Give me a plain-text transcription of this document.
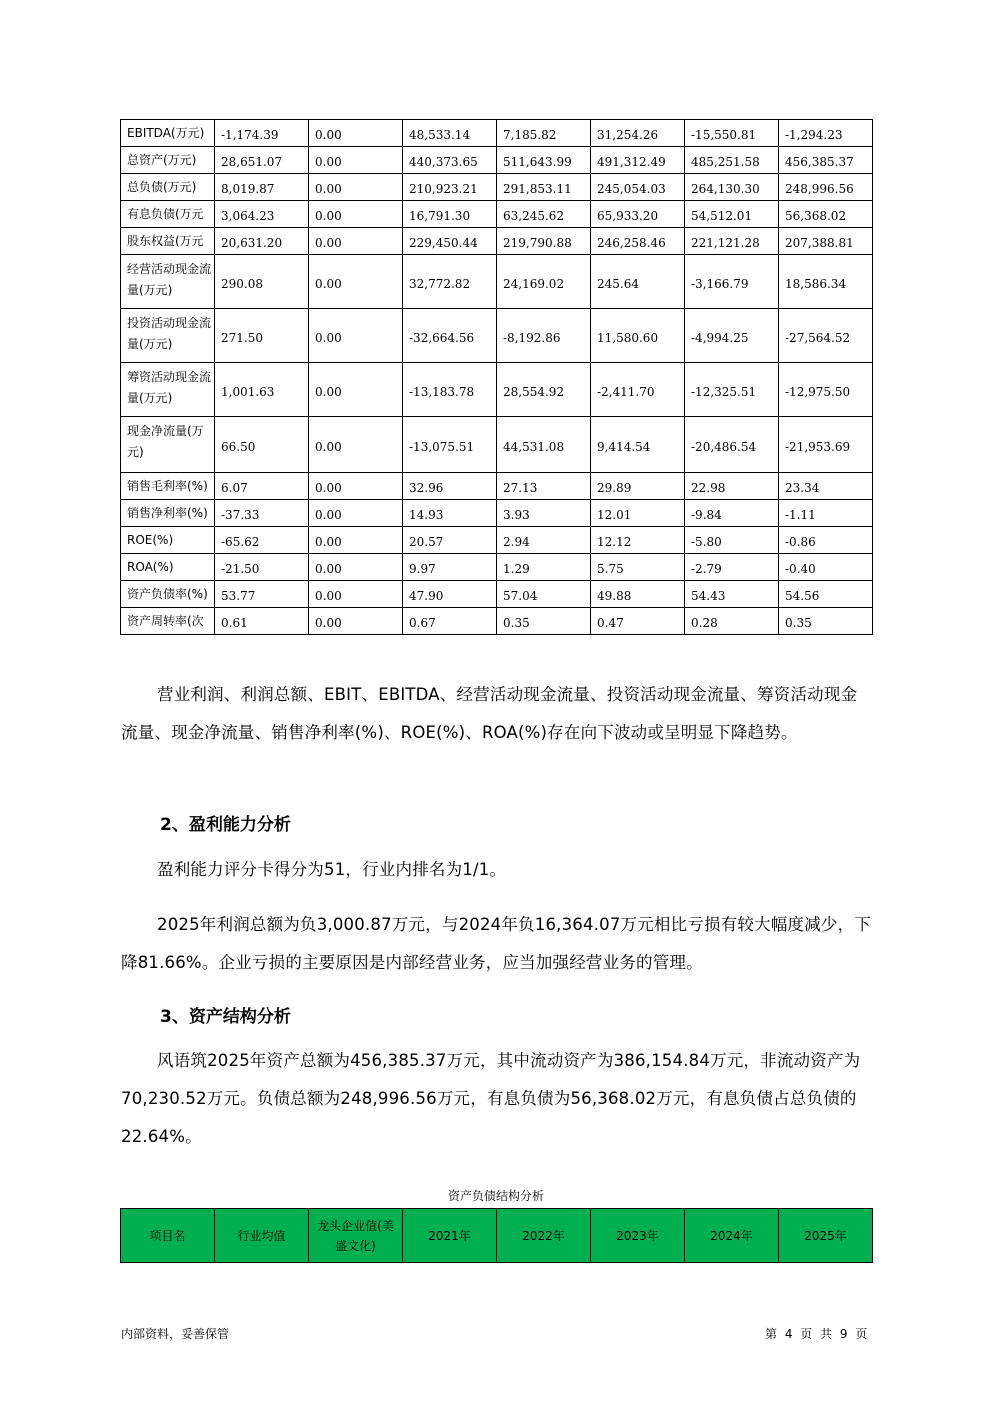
EBITDA(万元)	-1,174.39	0.00	48,533.14	7,185.82	31,254.26	-15,550.81	-1,294.23
总资产(万元)	28,651.07	0.00	440,373.65	511,643.99	491,312.49	485,251.58	456,385.37
总负债(万元)	8,019.87	0.00	210,923.21	291,853.11	245,054.03	264,130.30	248,996.56
有息负债(万元	3,064.23	0.00	16,791.30	63,245.62	65,933.20	54,512.01	56,368.02
股东权益(万元	20,631.20	0.00	229,450.44	219,790.88	246,258.46	221,121.28	207,388.81
经营活动现金流量(万元)	290.08	0.00	32,772.82	24,169.02	245.64	-3,166.79	18,586.34
投资活动现金流量(万元)	271.50	0.00	-32,664.56	-8,192.86	11,580.60	-4,994.25	-27,564.52
筹资活动现金流量(万元)	1,001.63	0.00	-13,183.78	28,554.92	-2,411.70	-12,325.51	-12,975.50
现金净流量(万元)	66.50	0.00	-13,075.51	44,531.08	9,414.54	-20,486.54	-21,953.69
销售毛利率(%)	6.07	0.00	32.96	27.13	29.89	22.98	23.34
销售净利率(%)	-37.33	0.00	14.93	3.93	12.01	-9.84	-1.11
ROE(%)	-65.62	0.00	20.57	2.94	12.12	-5.80	-0.86
ROA(%)	-21.50	0.00	9.97	1.29	5.75	-2.79	-0.40
资产负债率(%)	53.77	0.00	47.90	57.04	49.88	54.43	54.56
资产周转率(次	0.61	0.00	0.67	0.35	0.47	0.28	0.35
营业利润、利润总额、EBIT、EBITDA、经营活动现金流量、投资活动现金流量、筹资活动现金流量、现金净流量、销售净利率(%)、ROE(%)、ROA(%)存在向下波动或呈明显下降趋势。
2、盈利能力分析
盈利能力评分卡得分为51，行业内排名为1/1。
2025年利润总额为负3,000.87万元，与2024年负16,364.07万元相比亏损有较大幅度减少，下降81.66%。企业亏损的主要原因是内部经营业务，应当加强经营业务的管理。
3、资产结构分析
风语筑2025年资产总额为456,385.37万元，其中流动资产为386,154.84万元，非流动资产为70,230.52万元。负债总额为248,996.56万元，有息负债为56,368.02万元，有息负债占总负债的22.64%。
资产负债结构分析
项目名	行业均值	龙头企业值(美盛文化)	2021年	2022年	2023年	2024年	2025年
内部资料，妥善保管	第 4 页 共 9 页
